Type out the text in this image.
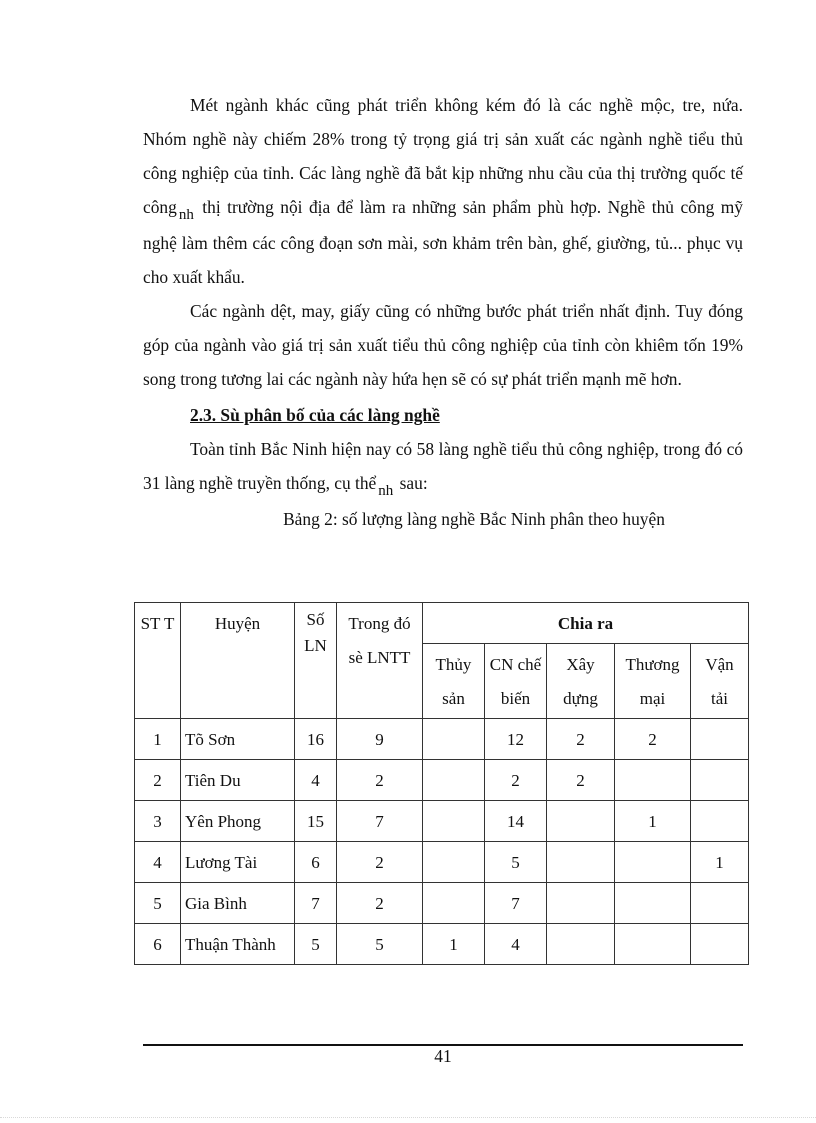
Mét ngành khác cũng phát triển không kém đó là các nghề mộc, tre, nứa. Nhóm nghề này chiếm 28% trong tỷ trọng giá trị sản xuất các ngành nghề tiểu thủ công nghiệp của tỉnh. Các làng nghề đã bắt kịp những nhu cầu của thị trường quốc tế công nh thị trường nội địa để làm ra những sản phẩm phù hợp. Nghề thủ công mỹ nghệ làm thêm các công đoạn sơn mài, sơn khảm trên bàn, ghế, giường, tủ... phục vụ cho xuất khẩu.

Các ngành dệt, may, giấy cũng có những bước phát triển nhất định. Tuy đóng góp của ngành vào giá trị sản xuất tiểu thủ công nghiệp của tỉnh còn khiêm tốn 19% song trong tương lai các ngành này hứa hẹn sẽ có sự phát triển mạnh mẽ hơn.

2.3. Sù phân bố của các làng nghề

Toàn tỉnh Bắc Ninh hiện nay có 58 làng nghề tiểu thủ công nghiệp, trong đó có 31 làng nghề truyền thống, cụ thể nh sau:

Bảng 2: số lượng làng nghề Bắc Ninh phân theo huyện

ST T	Huyện	Số LN	Trong đó sè LNTT	Chia ra				
				Thủy sản	CN chế biến	Xây dựng	Thương mại	Vận tải
1	Tõ Sơn	16	9		12	2	2	
2	Tiên Du	4	2		2	2		
3	Yên Phong	15	7		14		1	
4	Lương Tài	6	2		5			1
5	Gia Bình	7	2		7			
6	Thuận Thành	5	5	1	4			
41
